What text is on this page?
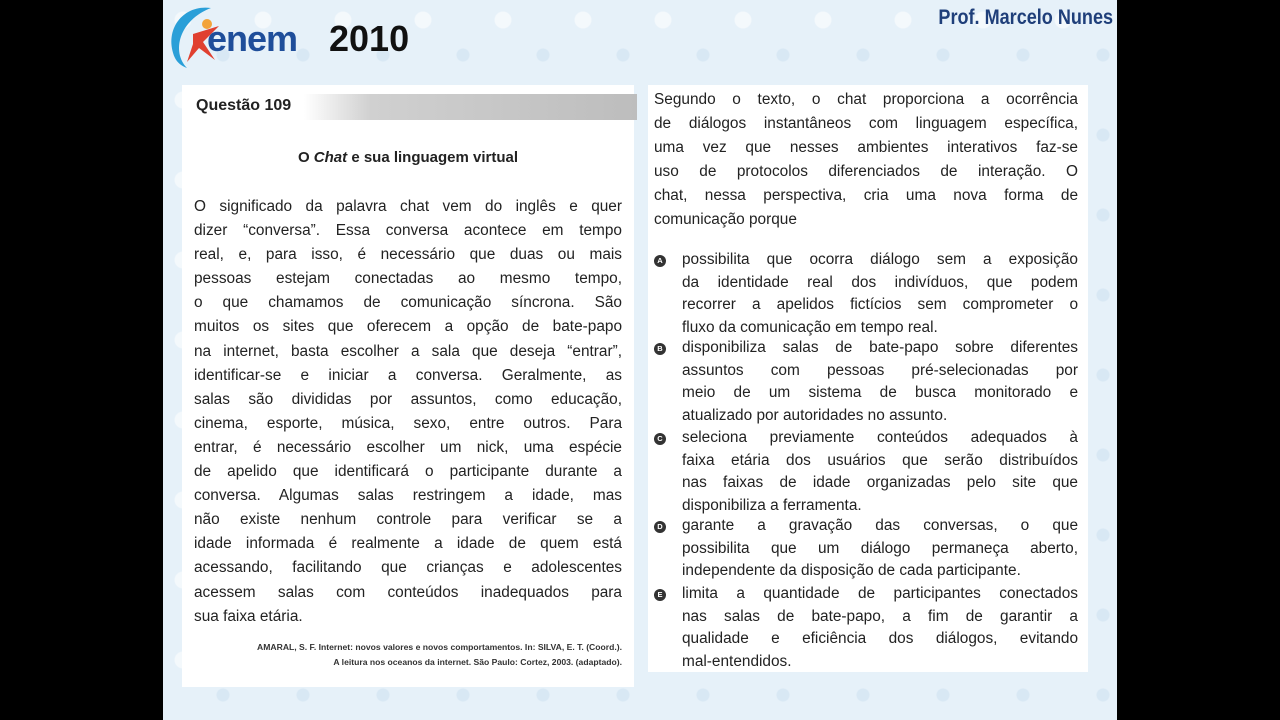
enem 2010
Prof. Marcelo Nunes
Questão 109
O Chat e sua linguagem virtual
O significado da palavra chat vem do inglês e quer
dizer “conversa”. Essa conversa acontece em tempo
real, e, para isso, é necessário que duas ou mais
pessoas estejam conectadas ao mesmo tempo,
o que chamamos de comunicação síncrona. São
muitos os sites que oferecem a opção de bate-papo
na internet, basta escolher a sala que deseja “entrar”,
identificar-se e iniciar a conversa. Geralmente, as
salas são divididas por assuntos, como educação,
cinema, esporte, música, sexo, entre outros. Para
entrar, é necessário escolher um nick, uma espécie
de apelido que identificará o participante durante a
conversa. Algumas salas restringem a idade, mas
não existe nenhum controle para verificar se a
idade informada é realmente a idade de quem está
acessando, facilitando que crianças e adolescentes
acessem salas com conteúdos inadequados para
sua faixa etária.
AMARAL, S. F. Internet: novos valores e novos comportamentos. In: SILVA, E. T. (Coord.).
A leitura nos oceanos da internet. São Paulo: Cortez, 2003. (adaptado).
Segundo o texto, o chat proporciona a ocorrência
de diálogos instantâneos com linguagem específica,
uma vez que nesses ambientes interativos faz-se
uso de protocolos diferenciados de interação. O
chat, nessa perspectiva, cria uma nova forma de
comunicação porque
A possibilita que ocorra diálogo sem a exposição
da identidade real dos indivíduos, que podem
recorrer a apelidos fictícios sem comprometer o
fluxo da comunicação em tempo real.
B disponibiliza salas de bate-papo sobre diferentes
assuntos com pessoas pré-selecionadas por
meio de um sistema de busca monitorado e
atualizado por autoridades no assunto.
C seleciona previamente conteúdos adequados à
faixa etária dos usuários que serão distribuídos
nas faixas de idade organizadas pelo site que
disponibiliza a ferramenta.
D garante a gravação das conversas, o que
possibilita que um diálogo permaneça aberto,
independente da disposição de cada participante.
E limita a quantidade de participantes conectados
nas salas de bate-papo, a fim de garantir a
qualidade e eficiência dos diálogos, evitando
mal-entendidos.
